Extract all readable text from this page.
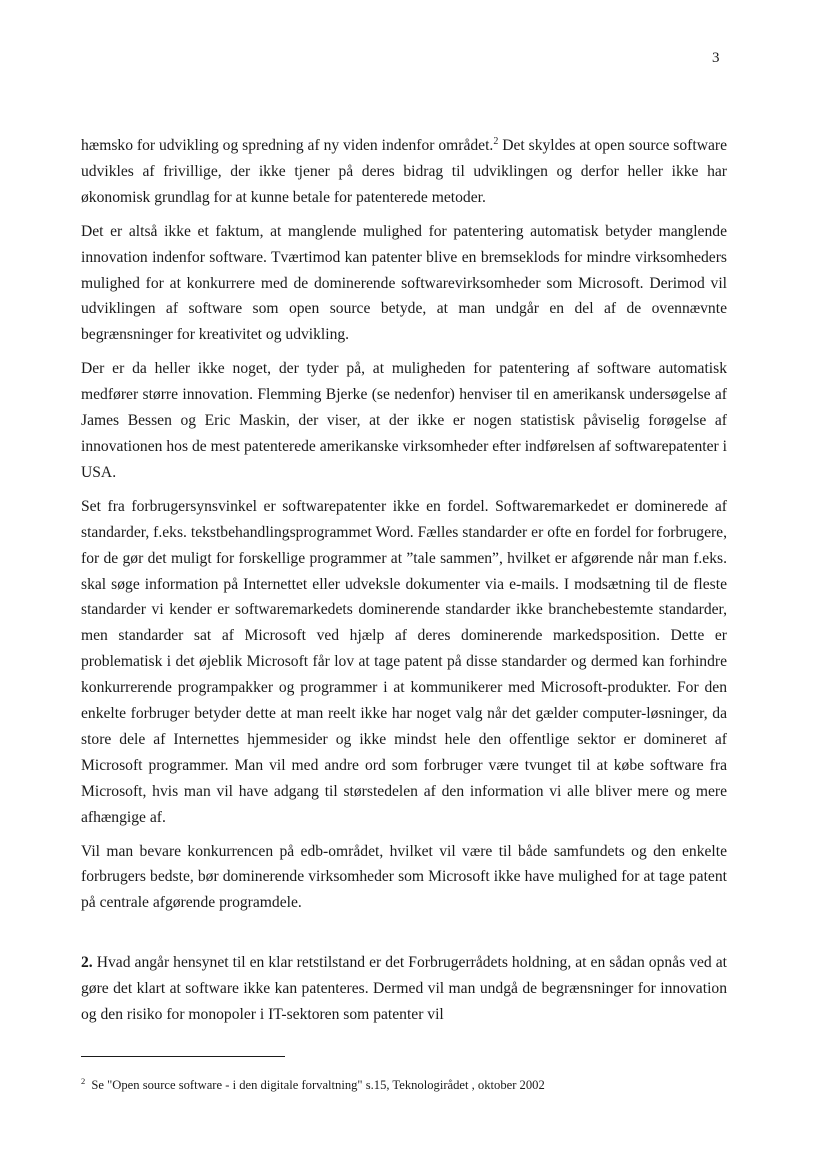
3

hæmsko for udvikling og spredning af ny viden indenfor området.$^2$ Det skyldes at open source software udvikles af frivillige, der ikke tjener på deres bidrag til udviklingen og derfor heller ikke har økonomisk grundlag for at kunne betale for patenterede metoder.

Det er altså ikke et faktum, at manglende mulighed for patentering automatisk betyder manglende innovation indenfor software. Tværtimod kan patenter blive en bremseklods for mindre virksomheders mulighed for at konkurrere med de dominerende softwarevirksomheder som Microsoft. Derimod vil udviklingen af software som open source betyde, at man undgår en del af de ovennævnte begrænsninger for kreativitet og udvikling.

Der er da heller ikke noget, der tyder på, at muligheden for patentering af software automatisk medfører større innovation. Flemming Bjerke (se nedenfor) henviser til en amerikansk undersøgelse af James Bessen og Eric Maskin, der viser, at der ikke er nogen statistisk påviselig forøgelse af innovationen hos de mest patenterede amerikanske virksomheder efter indførelsen af softwarepatenter i USA.

Set fra forbrugersynsvinkel er softwarepatenter ikke en fordel. Softwaremarkedet er dominerede af standarder, f.eks. tekstbehandlingsprogrammet Word. Fælles standarder er ofte en fordel for forbrugere, for de gør det muligt for forskellige programmer at ”tale sammen”, hvilket er afgørende når man f.eks. skal søge information på Internettet eller udveksle dokumenter via e-mails. I modsætning til de fleste standarder vi kender er softwaremarkedets dominerende standarder ikke branchebestemte standarder, men standarder sat af Microsoft ved hjælp af deres dominerende markedsposition. Dette er problematisk i det øjeblik Microsoft får lov at tage patent på disse standarder og dermed kan forhindre konkurrerende programpakker og programmer i at kommunikerer med Microsoft-produkter. For den enkelte forbruger betyder dette at man reelt ikke har noget valg når det gælder computer-løsninger, da store dele af Internettes hjemmesider og ikke mindst hele den offentlige sektor er domineret af Microsoft programmer. Man vil med andre ord som forbruger være tvunget til at købe software fra Microsoft, hvis man vil have adgang til størstedelen af den information vi alle bliver mere og mere afhængige af.

Vil man bevare konkurrencen på edb-området, hvilket vil være til både samfundets og den enkelte forbrugers bedste, bør dominerende virksomheder som Microsoft ikke have mulighed for at tage patent på centrale afgørende programdele.

2. Hvad angår hensynet til en klar retstilstand er det Forbrugerrådets holdning, at en sådan opnås ved at gøre det klart at software ikke kan patenteres. Dermed vil man undgå de begrænsninger for innovation og den risiko for monopoler i IT-sektoren som patenter vil

$^2$ Se "Open source software - i den digitale forvaltning" s.15, Teknologirådet , oktober 2002
